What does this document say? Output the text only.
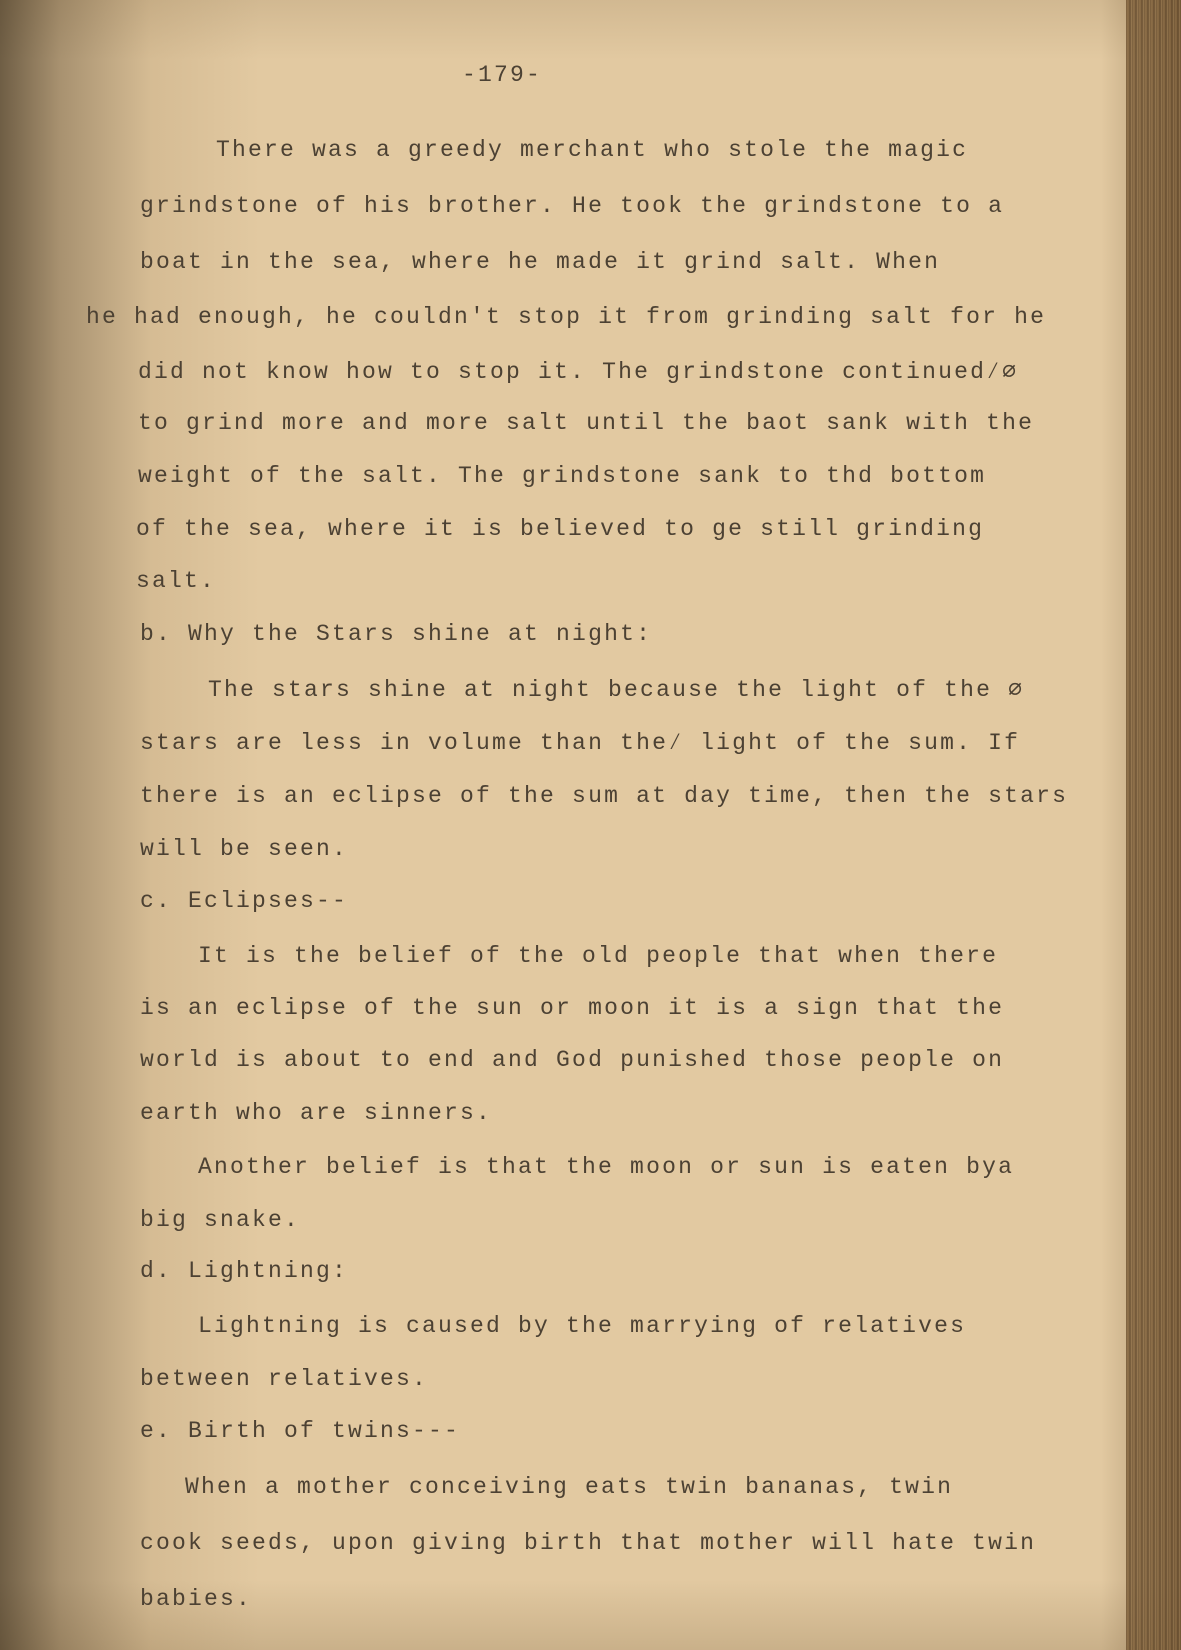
-179-
There was a greedy merchant who stole the magic
grindstone of his brother. He took the grindstone to a
boat in the sea, where he made it grind salt. When
he had enough, he couldn't stop it from grinding salt for he
did not know how to stop it. The grindstone continued⁄⌀
to grind more and more salt until the baot sank with the
weight of the salt. The grindstone sank to thd bottom
of the sea, where it is believed to ge still grinding
salt.
b. Why the Stars shine at night:
The stars shine at night because the light of the ⌀
stars are less in volume than the⁄ light of the sum. If
there is an eclipse of the sum at day time, then the stars
will be seen.
c. Eclipses--
It is the belief of the old people that when there
is an eclipse of the sun or moon it is a sign that the
world is about to end and God punished those people on
earth who are sinners.
Another belief is that the moon or sun is eaten bya
big snake.
d. Lightning:
Lightning is caused by the marrying of relatives
between relatives.
e. Birth of twins---
When a mother conceiving eats twin bananas, twin
cook seeds, upon giving birth that mother will hate twin
babies.
